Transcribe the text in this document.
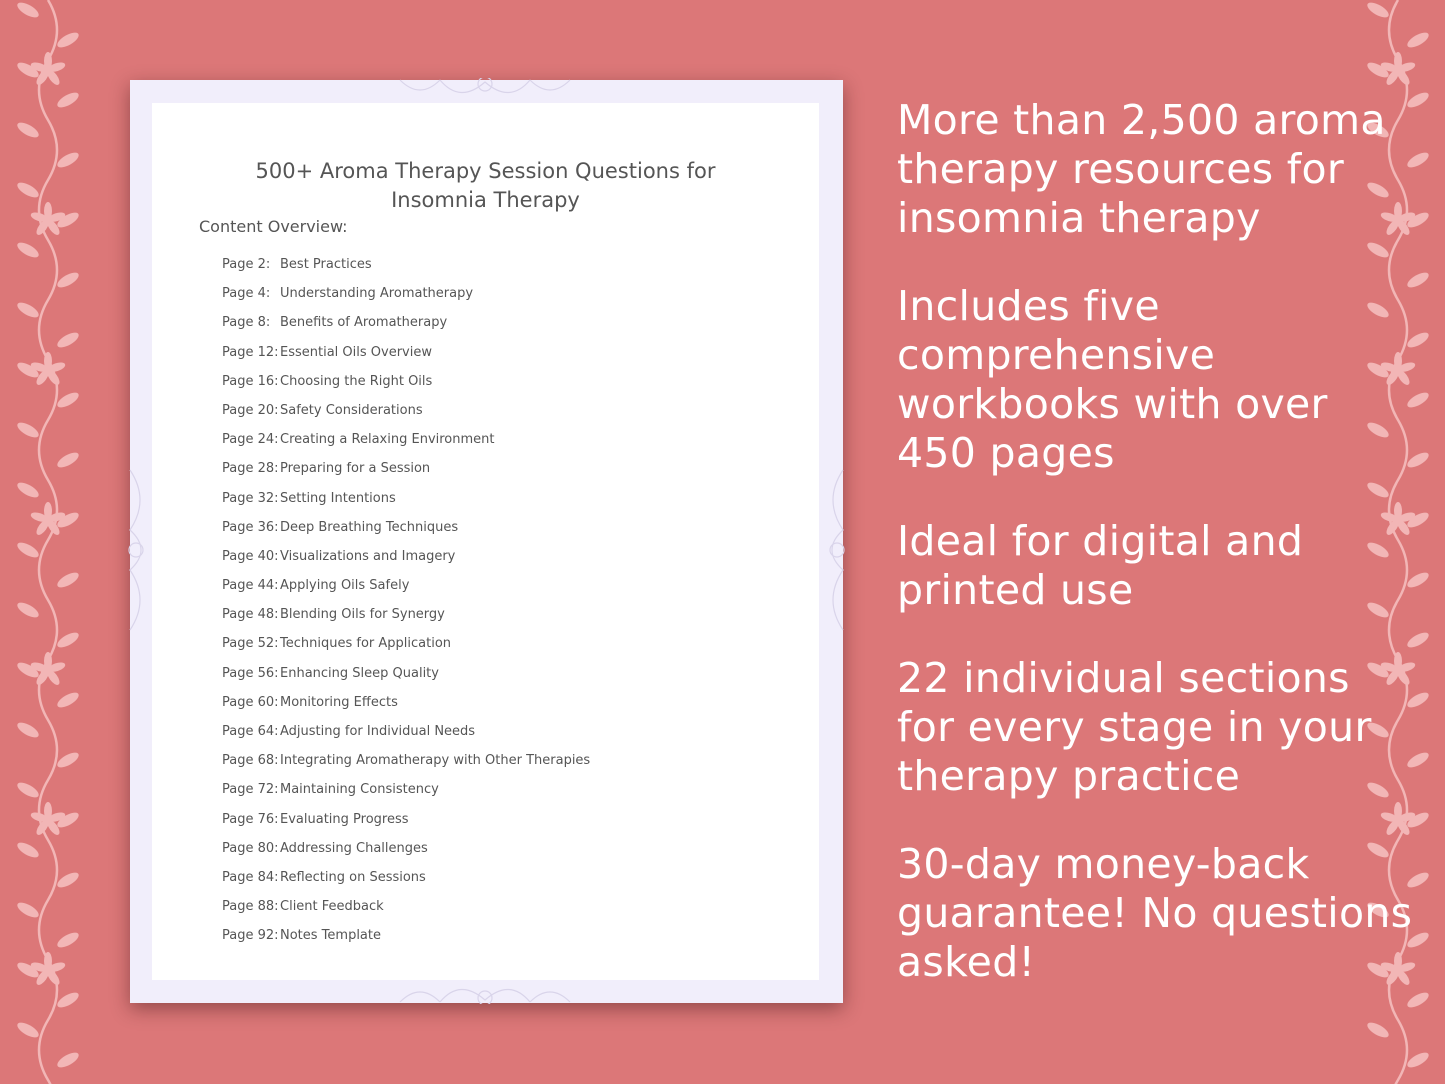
500+ Aroma Therapy Session Questions for
Insomnia Therapy
Content Overview:
Page 2: Best Practices
Page 4: Understanding Aromatherapy
Page 8: Benefits of Aromatherapy
Page 12:Essential Oils Overview
Page 16:Choosing the Right Oils
Page 20:Safety Considerations
Page 24:Creating a Relaxing Environment
Page 28:Preparing for a Session
Page 32:Setting Intentions
Page 36:Deep Breathing Techniques
Page 40:Visualizations and Imagery
Page 44:Applying Oils Safely
Page 48:Blending Oils for Synergy
Page 52:Techniques for Application
Page 56:Enhancing Sleep Quality
Page 60:Monitoring Effects
Page 64:Adjusting for Individual Needs
Page 68:Integrating Aromatherapy with Other Therapies
Page 72:Maintaining Consistency
Page 76:Evaluating Progress
Page 80:Addressing Challenges
Page 84:Reflecting on Sessions
Page 88:Client Feedback
Page 92:Notes Template

More than 2,500 aroma therapy resources for insomnia therapy

Includes five comprehensive workbooks with over 450 pages

Ideal for digital and printed use

22 individual sections for every stage in your therapy practice

30-day money-back guarantee! No questions asked!
